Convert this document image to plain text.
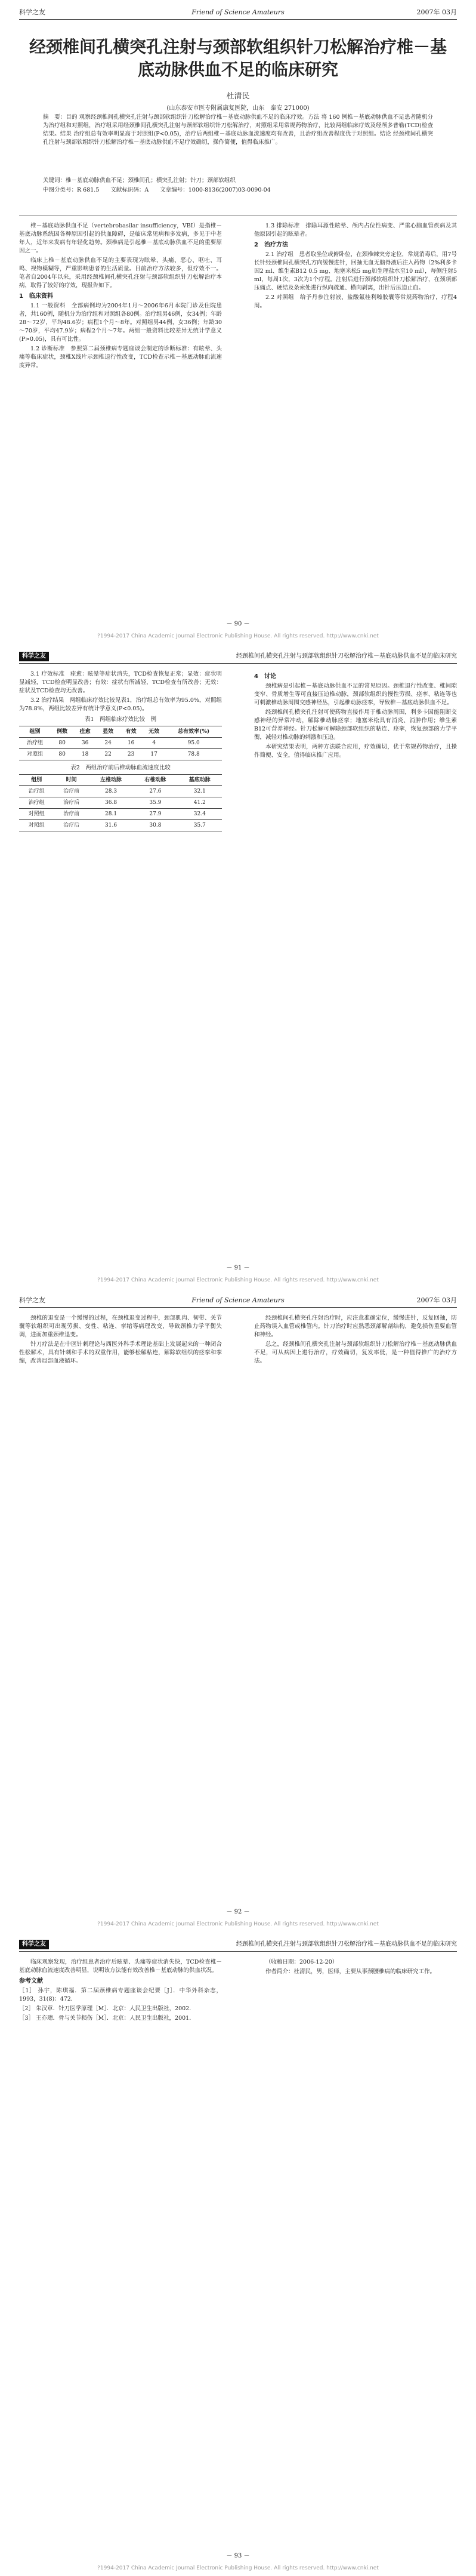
科学之友	Friend of Science Amateurs	2007年 03月
经颈椎间孔横突孔注射与颈部软组织针刀松解治疗椎－基底动脉供血不足的临床研究
杜清民
(山东泰安市医专附属康复医院，山东　泰安 271000)
摘　要：目的 观察经颈椎间孔横突孔注射与颈部软组织针刀松解治疗椎－基底动脉供血不足的临床疗效。方法 将 160 例椎－基底动脉供血不足患者随机分为治疗组和对照组，治疗组采用经颈椎间孔横突孔注射与颈部软组织针刀松解治疗，对照组采用常规药物治疗，比较两组临床疗效及经颅多普勒(TCD)检查结果。结果 治疗组总有效率明显高于对照组(P<0.05)，治疗后两组椎－基底动脉血流速度均有改善，且治疗组改善程度优于对照组。结论 经颈椎间孔横突孔注射与颈部软组织针刀松解治疗椎－基底动脉供血不足疗效确切，操作简便，值得临床推广。
关键词：椎－基底动脉供血不足；颈椎间孔；横突孔注射；针刀；颈部软组织
中图分类号：R 681.5　　文献标识码：A　　文章编号：1000-8136(2007)03-0090-04

椎－基底动脉供血不足（vertebrobasilar insufficiency，VBI）是指椎－基底动脉系统因各种原因引起的供血障碍，是临床常见病和多发病，多见于中老年人，近年来发病有年轻化趋势。颈椎病是引起椎－基底动脉供血不足的重要原因之一。

临床上椎－基底动脉供血不足的主要表现为眩晕、头痛、恶心、呕吐、耳鸣、视物模糊等，严重影响患者的生活质量。目前治疗方法较多，但疗效不一。笔者自2004年以来，采用经颈椎间孔横突孔注射与颈部软组织针刀松解治疗本病，取得了较好的疗效，现报告如下。

1　临床资料

1.1 一般资料　全部病例均为2004年1月～2006年6月本院门诊及住院患者，共160例，随机分为治疗组和对照组各80例。治疗组男46例，女34例；年龄28～72岁，平均48.6岁；病程1个月～8年。对照组男44例，女36例；年龄30～70岁，平均47.9岁；病程2个月～7年。两组一般资料比较差异无统计学意义(P>0.05)，具有可比性。

1.2 诊断标准　参照第二届颈椎病专题座谈会制定的诊断标准：有眩晕、头痛等临床症状，颈椎X线片示颈椎退行性改变，TCD检查示椎－基底动脉血流速度异常。

1.3 排除标准　排除耳源性眩晕、颅内占位性病变、严重心脑血管疾病及其他原因引起的眩晕者。

2　治疗方法

2.1 治疗组　患者取坐位或俯卧位，在颈椎棘突旁定位，常规消毒后，用7号长针经颈椎间孔横突孔方向缓慢进针，回抽无血无脑脊液后注入药物（2%利多卡因2 ml、维生素B12 0.5 mg、地塞米松5 mg加生理盐水至10 ml），每侧注射5 ml，每周1次，3次为1个疗程。注射后进行颈部软组织针刀松解治疗，在颈项部压痛点、硬结及条索处进行纵向疏通、横向剥离，出针后压迫止血。

2.2 对照组　给予丹参注射液、盐酸氟桂利嗪胶囊等常规药物治疗，疗程4周。

－ 90 －
?1994-2017 China Academic Journal Electronic Publishing House. All rights reserved. http://www.cnki.net
科学之友	经颈椎间孔横突孔注射与颈部软组织针刀松解治疗椎－基底动脉供血不足的临床研究

3.1 疗效标准　痊愈：眩晕等症状消失，TCD检查恢复正常；显效：症状明显减轻，TCD检查明显改善；有效：症状有所减轻，TCD检查有所改善；无效：症状及TCD检查均无改善。

3.2 治疗结果　两组临床疗效比较见表1，治疗组总有效率为95.0%，对照组为78.8%，两组比较差异有统计学意义(P<0.05)。

表1　两组临床疗效比较　例
组别	例数	痊愈	显效	有效	无效	总有效率(%)
治疗组	80	36	24	16	4	95.0
对照组	80	18	22	23	17	78.8
表2　两组治疗前后椎动脉血流速度比较
组别	时间	左椎动脉	右椎动脉	基底动脉
治疗组	治疗前	28.3	27.6	32.1
治疗组	治疗后	36.8	35.9	41.2
对照组	治疗前	28.1	27.9	32.4
对照组	治疗后	31.6	30.8	35.7
4　讨论

颈椎病是引起椎－基底动脉供血不足的常见原因。颈椎退行性改变、椎间隙变窄、骨质增生等可直接压迫椎动脉，颈部软组织的慢性劳损、痉挛、粘连等也可刺激椎动脉周围交感神经丛，引起椎动脉痉挛，导致椎－基底动脉供血不足。

经颈椎间孔横突孔注射可使药物直接作用于椎动脉周围，利多卡因能阻断交感神经的异常冲动，解除椎动脉痉挛；地塞米松具有消炎、消肿作用；维生素B12可营养神经。针刀松解可解除颈部软组织的粘连、痉挛，恢复颈部的力学平衡，减轻对椎动脉的刺激和压迫。

本研究结果表明，两种方法联合应用，疗效确切，优于常规药物治疗，且操作简便、安全，值得临床推广应用。

－ 91 －
?1994-2017 China Academic Journal Electronic Publishing House. All rights reserved. http://www.cnki.net
科学之友	Friend of Science Amateurs	2007年 03月

颈椎的退变是一个缓慢的过程，在颈椎退变过程中，颈部肌肉、韧带、关节囊等软组织可出现劳损、变性、粘连、挛缩等病理改变，导致颈椎力学平衡失调，进而加重颈椎退变。

针刀疗法是在中医针刺理论与西医外科手术理论基础上发展起来的一种闭合性松解术，具有针刺和手术的双重作用，能够松解粘连，解除软组织的痉挛和挛缩，改善局部血液循环。

经颈椎间孔横突孔注射治疗时，应注意准确定位，缓慢进针，反复回抽，防止药物误入血管或椎管内。针刀治疗时应熟悉颈部解剖结构，避免损伤重要血管和神经。

总之，经颈椎间孔横突孔注射与颈部软组织针刀松解治疗椎－基底动脉供血不足，可从病因上进行治疗，疗效确切，复发率低，是一种值得推广的治疗方法。

－ 92 －
?1994-2017 China Academic Journal Electronic Publishing House. All rights reserved. http://www.cnki.net
科学之友	经颈椎间孔横突孔注射与颈部软组织针刀松解治疗椎－基底动脉供血不足的临床研究

临床观察发现，治疗组患者治疗后眩晕、头痛等症状消失快，TCD检查椎－基底动脉血流速度改善明显，说明该方法能有效改善椎－基底动脉的供血状况。

参考文献

［1］ 孙宇，陈琪福．第二届颈椎病专题座谈会纪要［J］．中华外科杂志，1993，31(8)：472．

［2］ 朱汉章．针刀医学原理［M］．北京：人民卫生出版社，2002．

［3］ 王亦璁．骨与关节损伤［M］．北京：人民卫生出版社，2001．

（收稿日期：2006-12-20）

作者简介：杜清民，男，医师，主要从事颈腰椎病的临床研究工作。

－ 93 －
?1994-2017 China Academic Journal Electronic Publishing House. All rights reserved. http://www.cnki.net
